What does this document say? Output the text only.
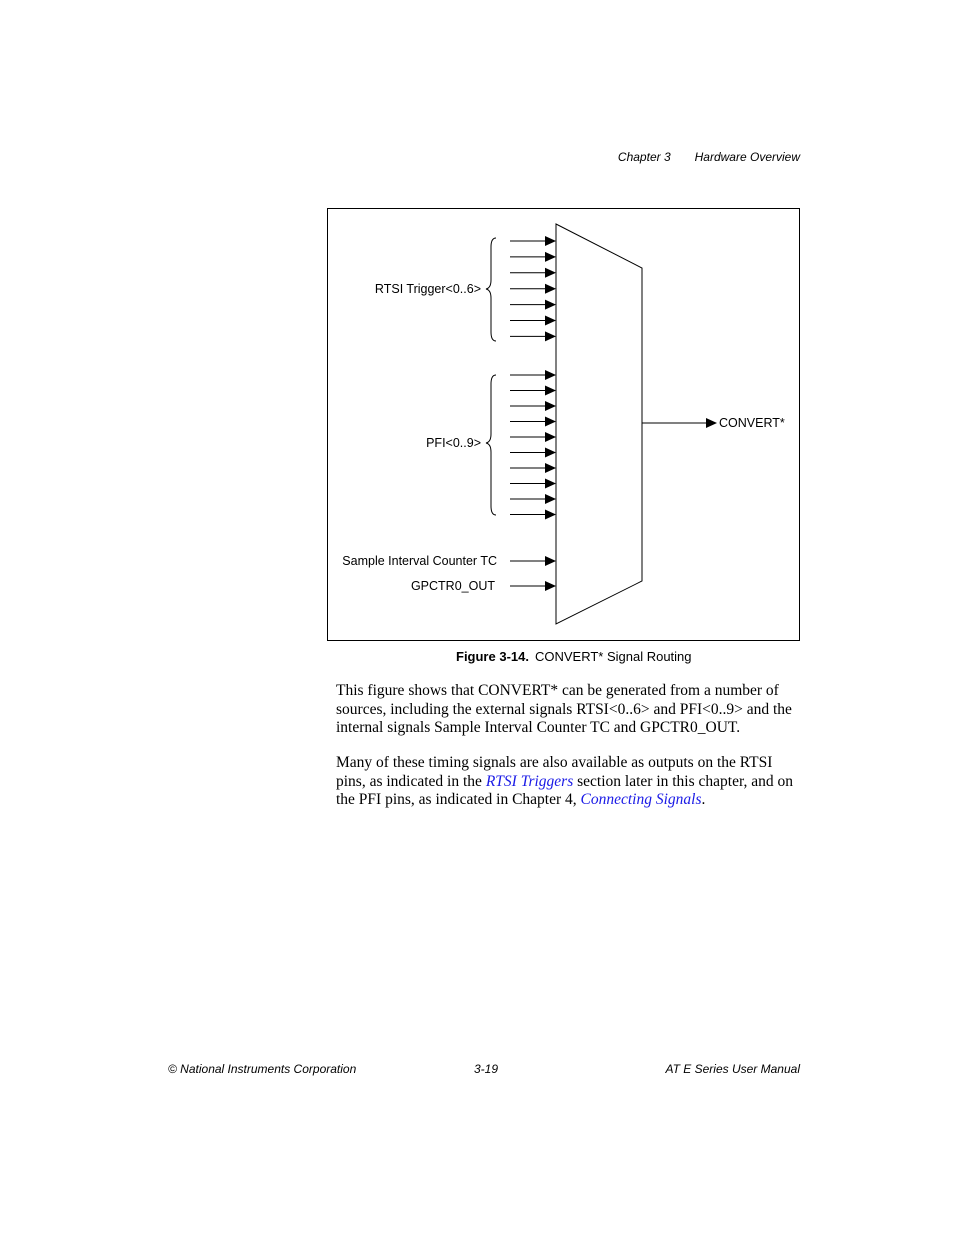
Chapter 3 Hardware Overview
RTSI Trigger<0..6>
PFI<0..9>
Sample Interval Counter TC
GPCTR0_OUT
CONVERT*
Figure 3-14. CONVERT* Signal Routing

This figure shows that CONVERT* can be generated from a number of sources, including the external signals RTSI<0..6> and PFI<0..9> and the internal signals Sample Interval Counter TC and GPCTR0_OUT.

Many of these timing signals are also available as outputs on the RTSI pins, as indicated in the RTSI Triggers section later in this chapter, and on the PFI pins, as indicated in Chapter 4, Connecting Signals.

© National Instruments Corporation	3-19	AT E Series User Manual
